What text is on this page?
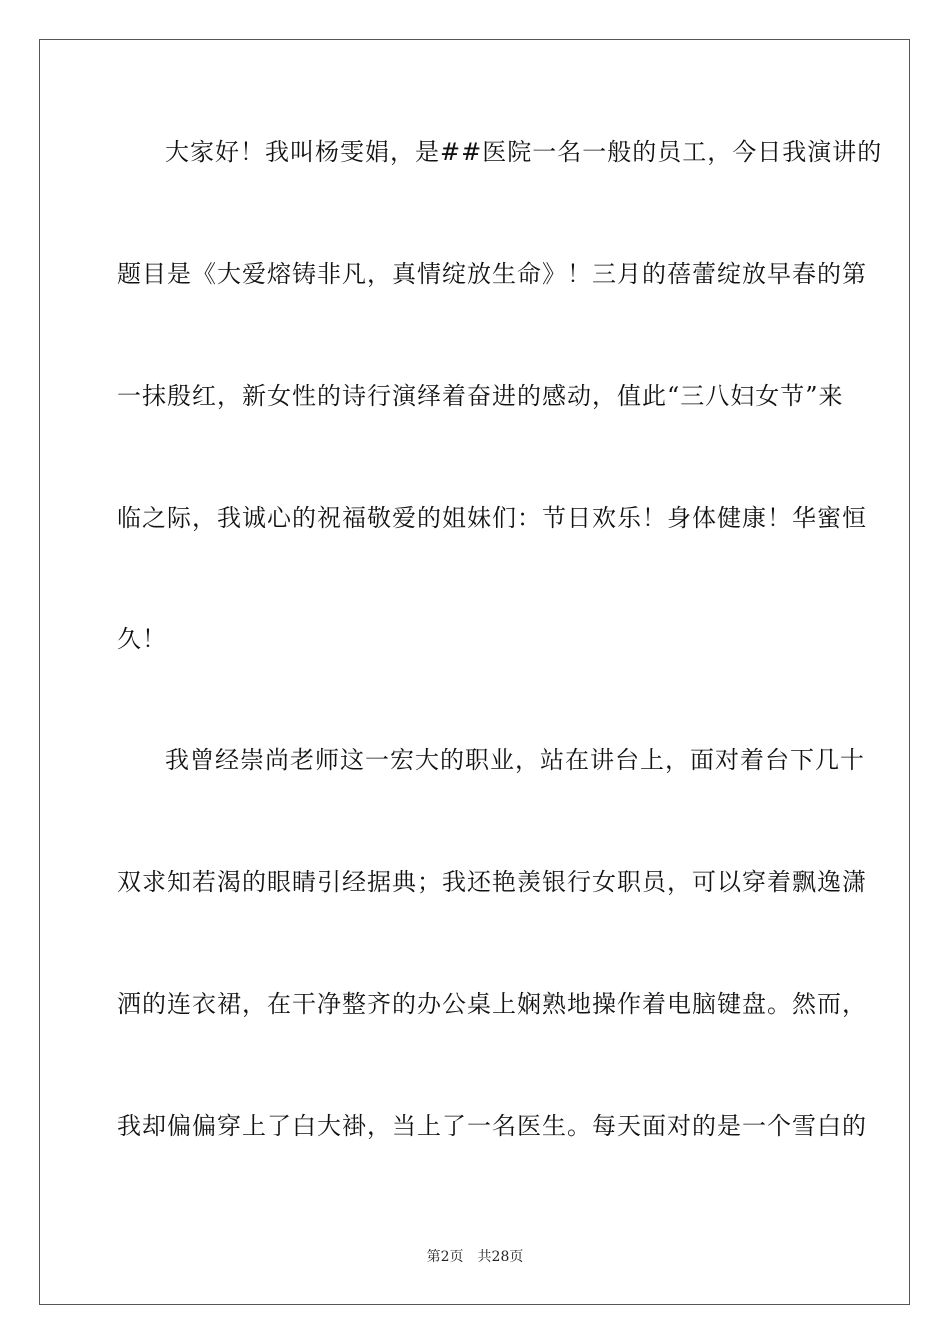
大家好！我叫杨雯娟，是##医院一名一般的员工，今日我演讲的
题目是《大爱熔铸非凡，真情绽放生命》！三月的蓓蕾绽放早春的第
一抹殷红，新女性的诗行演绎着奋进的感动，值此“三八妇女节”来
临之际，我诚心的祝福敬爱的姐妹们：节日欢乐！身体健康！华蜜恒
久！
我曾经崇尚老师这一宏大的职业，站在讲台上，面对着台下几十
双求知若渴的眼睛引经据典；我还艳羡银行女职员，可以穿着飘逸潇
洒的连衣裙，在干净整齐的办公桌上娴熟地操作着电脑键盘。然而，
我却偏偏穿上了白大褂，当上了一名医生。每天面对的是一个雪白的
第2页 共28页
